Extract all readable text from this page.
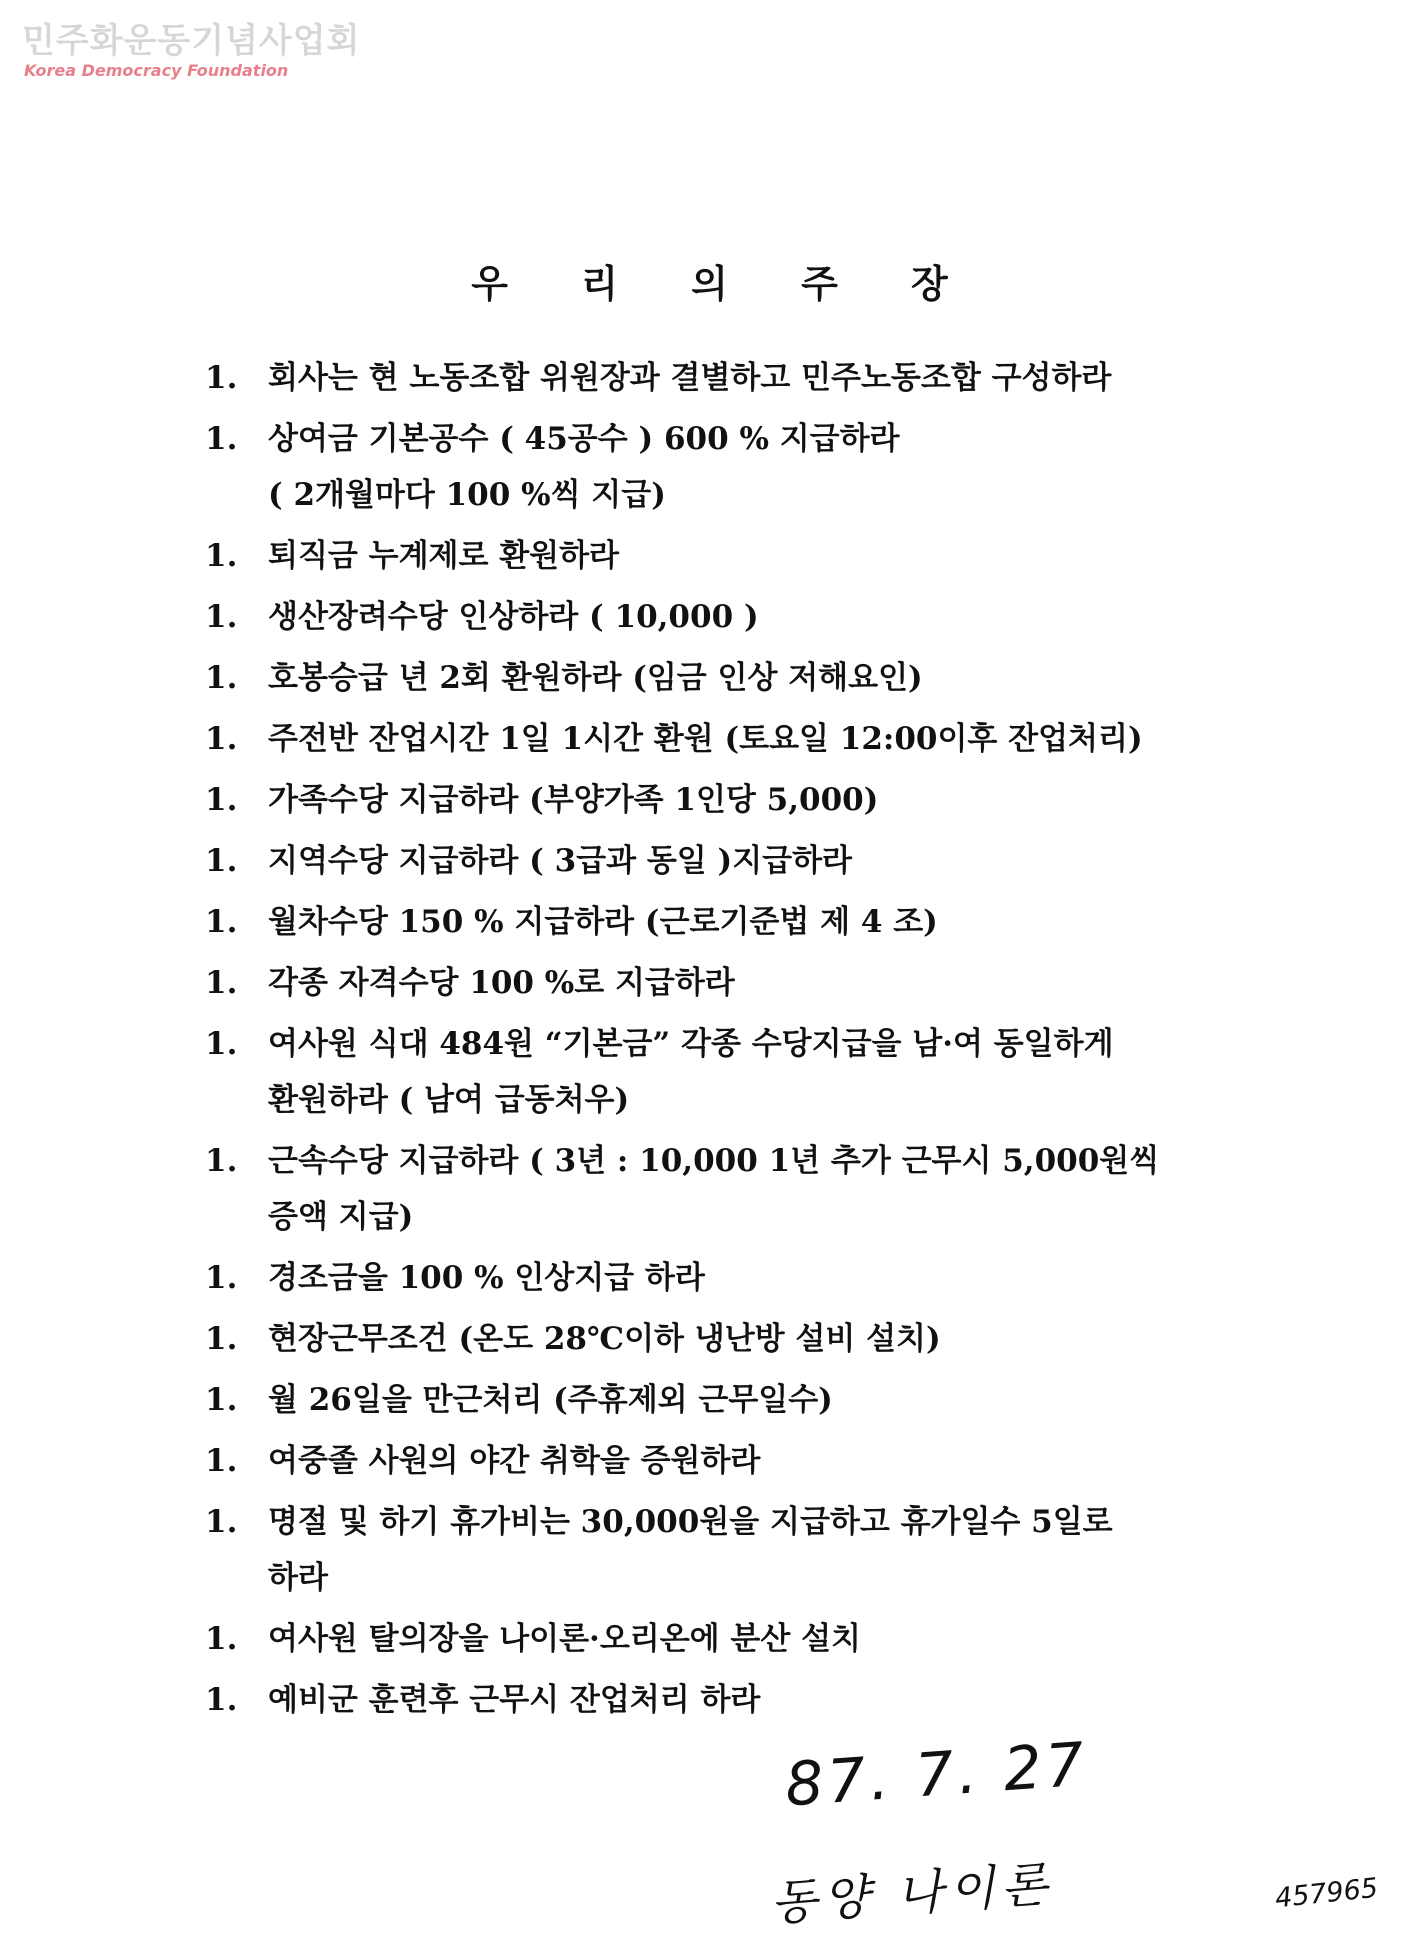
민주화운동기념사업회
Korea Democracy Foundation
우 리 의 주 장
1. 회사는 현 노동조합 위원장과 결별하고 민주노동조합 구성하라
1. 상여금 기본공수 ( 45공수 ) 600 % 지급하라
( 2개월마다 100 %씩 지급)
1. 퇴직금 누계제로 환원하라
1. 생산장려수당 인상하라 ( 10,000 )
1. 호봉승급 년 2회 환원하라 (임금 인상 저해요인)
1. 주전반 잔업시간 1일 1시간 환원 (토요일 12:00이후 잔업처리)
1. 가족수당 지급하라 (부양가족 1인당 5,000)
1. 지역수당 지급하라 ( 3급과 동일 )지급하라
1. 월차수당 150 % 지급하라 (근로기준법 제 4 조)
1. 각종 자격수당 100 %로 지급하라
1. 여사원 식대 484원 “기본금” 각종 수당지급을 남·여 동일하게
환원하라 ( 남여 급동처우)
1. 근속수당 지급하라 ( 3년 : 10,000 1년 추가 근무시 5,000원씩
증액 지급)
1. 경조금을 100 % 인상지급 하라
1. 현장근무조건 (온도 28℃이하 냉난방 설비 설치)
1. 월 26일을 만근처리 (주휴제외 근무일수)
1. 여중졸 사원의 야간 취학을 증원하라
1. 명절 및 하기 휴가비는 30,000원을 지급하고 휴가일수 5일로
하라
1. 여사원 탈의장을 나이론·오리온에 분산 설치
1. 예비군 훈련후 근무시 잔업처리 하라
87. 7. 27
동양 나이론	457965
